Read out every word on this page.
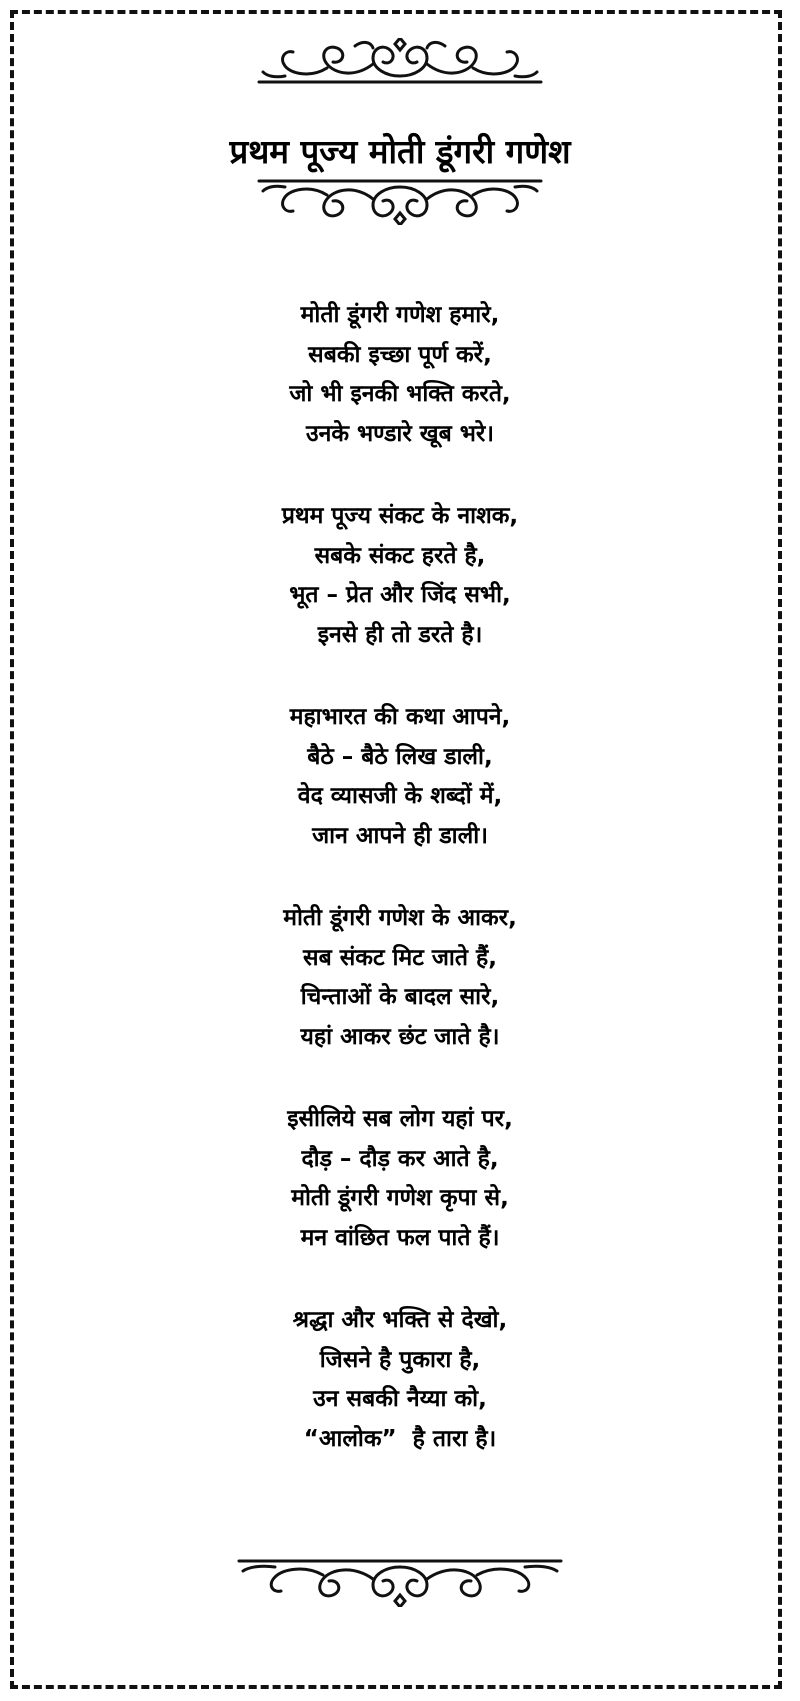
प्रथम पूज्य मोती डूंगरी गणेश
मोती डूंगरी गणेश हमारे,
सबकी इच्छा पूर्ण करें,
जो भी इनकी भक्ति करते,
उनके भण्डारे खूब भरे।
प्रथम पूज्य संकट के नाशक,
सबके संकट हरते है,
भूत – प्रेत और जिंद सभी,
इनसे ही तो डरते है।
महाभारत की कथा आपने,
बैठे – बैठे लिख डाली,
वेद व्यासजी के शब्दों में,
जान आपने ही डाली।
मोती डूंगरी गणेश के आकर,
सब संकट मिट जाते हैं,
चिन्ताओं के बादल सारे,
यहां आकर छंट जाते है।
इसीलिये सब लोग यहां पर,
दौड़ – दौड़ कर आते है,
मोती डूंगरी गणेश कृपा से,
मन वांछित फल पाते हैं।
श्रद्धा और भक्ति से देखो,
जिसने है पुकारा है,
उन सबकी नैय्या को,
“आलोक”  है तारा है।
